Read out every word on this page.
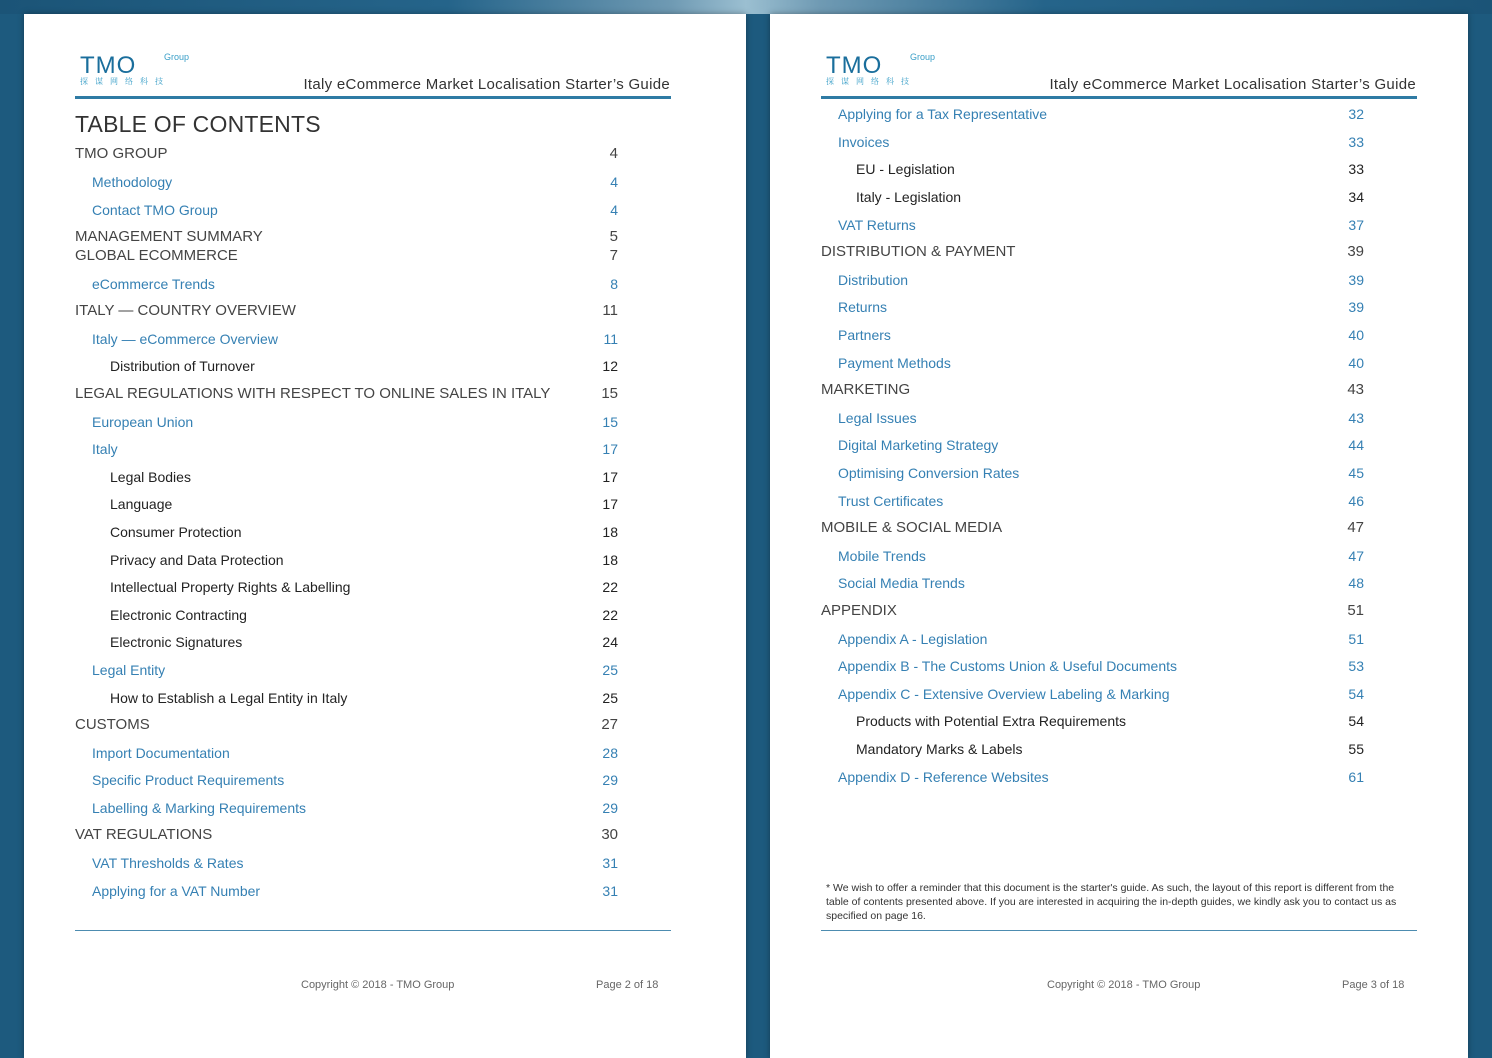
TMO	Group
探谋网络科技	Italy eCommerce Market Localisation Starter’s Guide
TABLE OF CONTENTS
TMO GROUP	4
Methodology	4
Contact TMO Group	4
MANAGEMENT SUMMARY	5
GLOBAL ECOMMERCE	7
eCommerce Trends	8
ITALY — COUNTRY OVERVIEW	11
Italy — eCommerce Overview	11
Distribution of Turnover	12
LEGAL REGULATIONS WITH RESPECT TO ONLINE SALES IN ITALY	15
European Union	15
Italy	17
Legal Bodies	17
Language	17
Consumer Protection	18
Privacy and Data Protection	18
Intellectual Property Rights & Labelling	22
Electronic Contracting	22
Electronic Signatures	24
Legal Entity	25
How to Establish a Legal Entity in Italy	25
CUSTOMS	27
Import Documentation	28
Specific Product Requirements	29
Labelling & Marking Requirements	29
VAT REGULATIONS	30
VAT Thresholds & Rates	31
Applying for a VAT Number	31
Copyright © 2018 - TMO Group	Page 2 of 18
TMO	Group
探谋网络科技	Italy eCommerce Market Localisation Starter’s Guide
Applying for a Tax Representative	32
Invoices	33
EU - Legislation	33
Italy - Legislation	34
VAT Returns	37
DISTRIBUTION & PAYMENT	39
Distribution	39
Returns	39
Partners	40
Payment Methods	40
MARKETING	43
Legal Issues	43
Digital Marketing Strategy	44
Optimising Conversion Rates	45
Trust Certificates	46
MOBILE & SOCIAL MEDIA	47
Mobile Trends	47
Social Media Trends	48
APPENDIX	51
Appendix A - Legislation	51
Appendix B - The Customs Union & Useful Documents	53
Appendix C - Extensive Overview Labeling & Marking	54
Products with Potential Extra Requirements	54
Mandatory Marks & Labels	55
Appendix D - Reference Websites	61
* We wish to offer a reminder that this document is the starter's guide. As such, the layout of this report is different from the table of contents presented above. If you are interested in acquiring the in-depth guides, we kindly ask you to contact us as specified on page 16.
Copyright © 2018 - TMO Group	Page 3 of 18
